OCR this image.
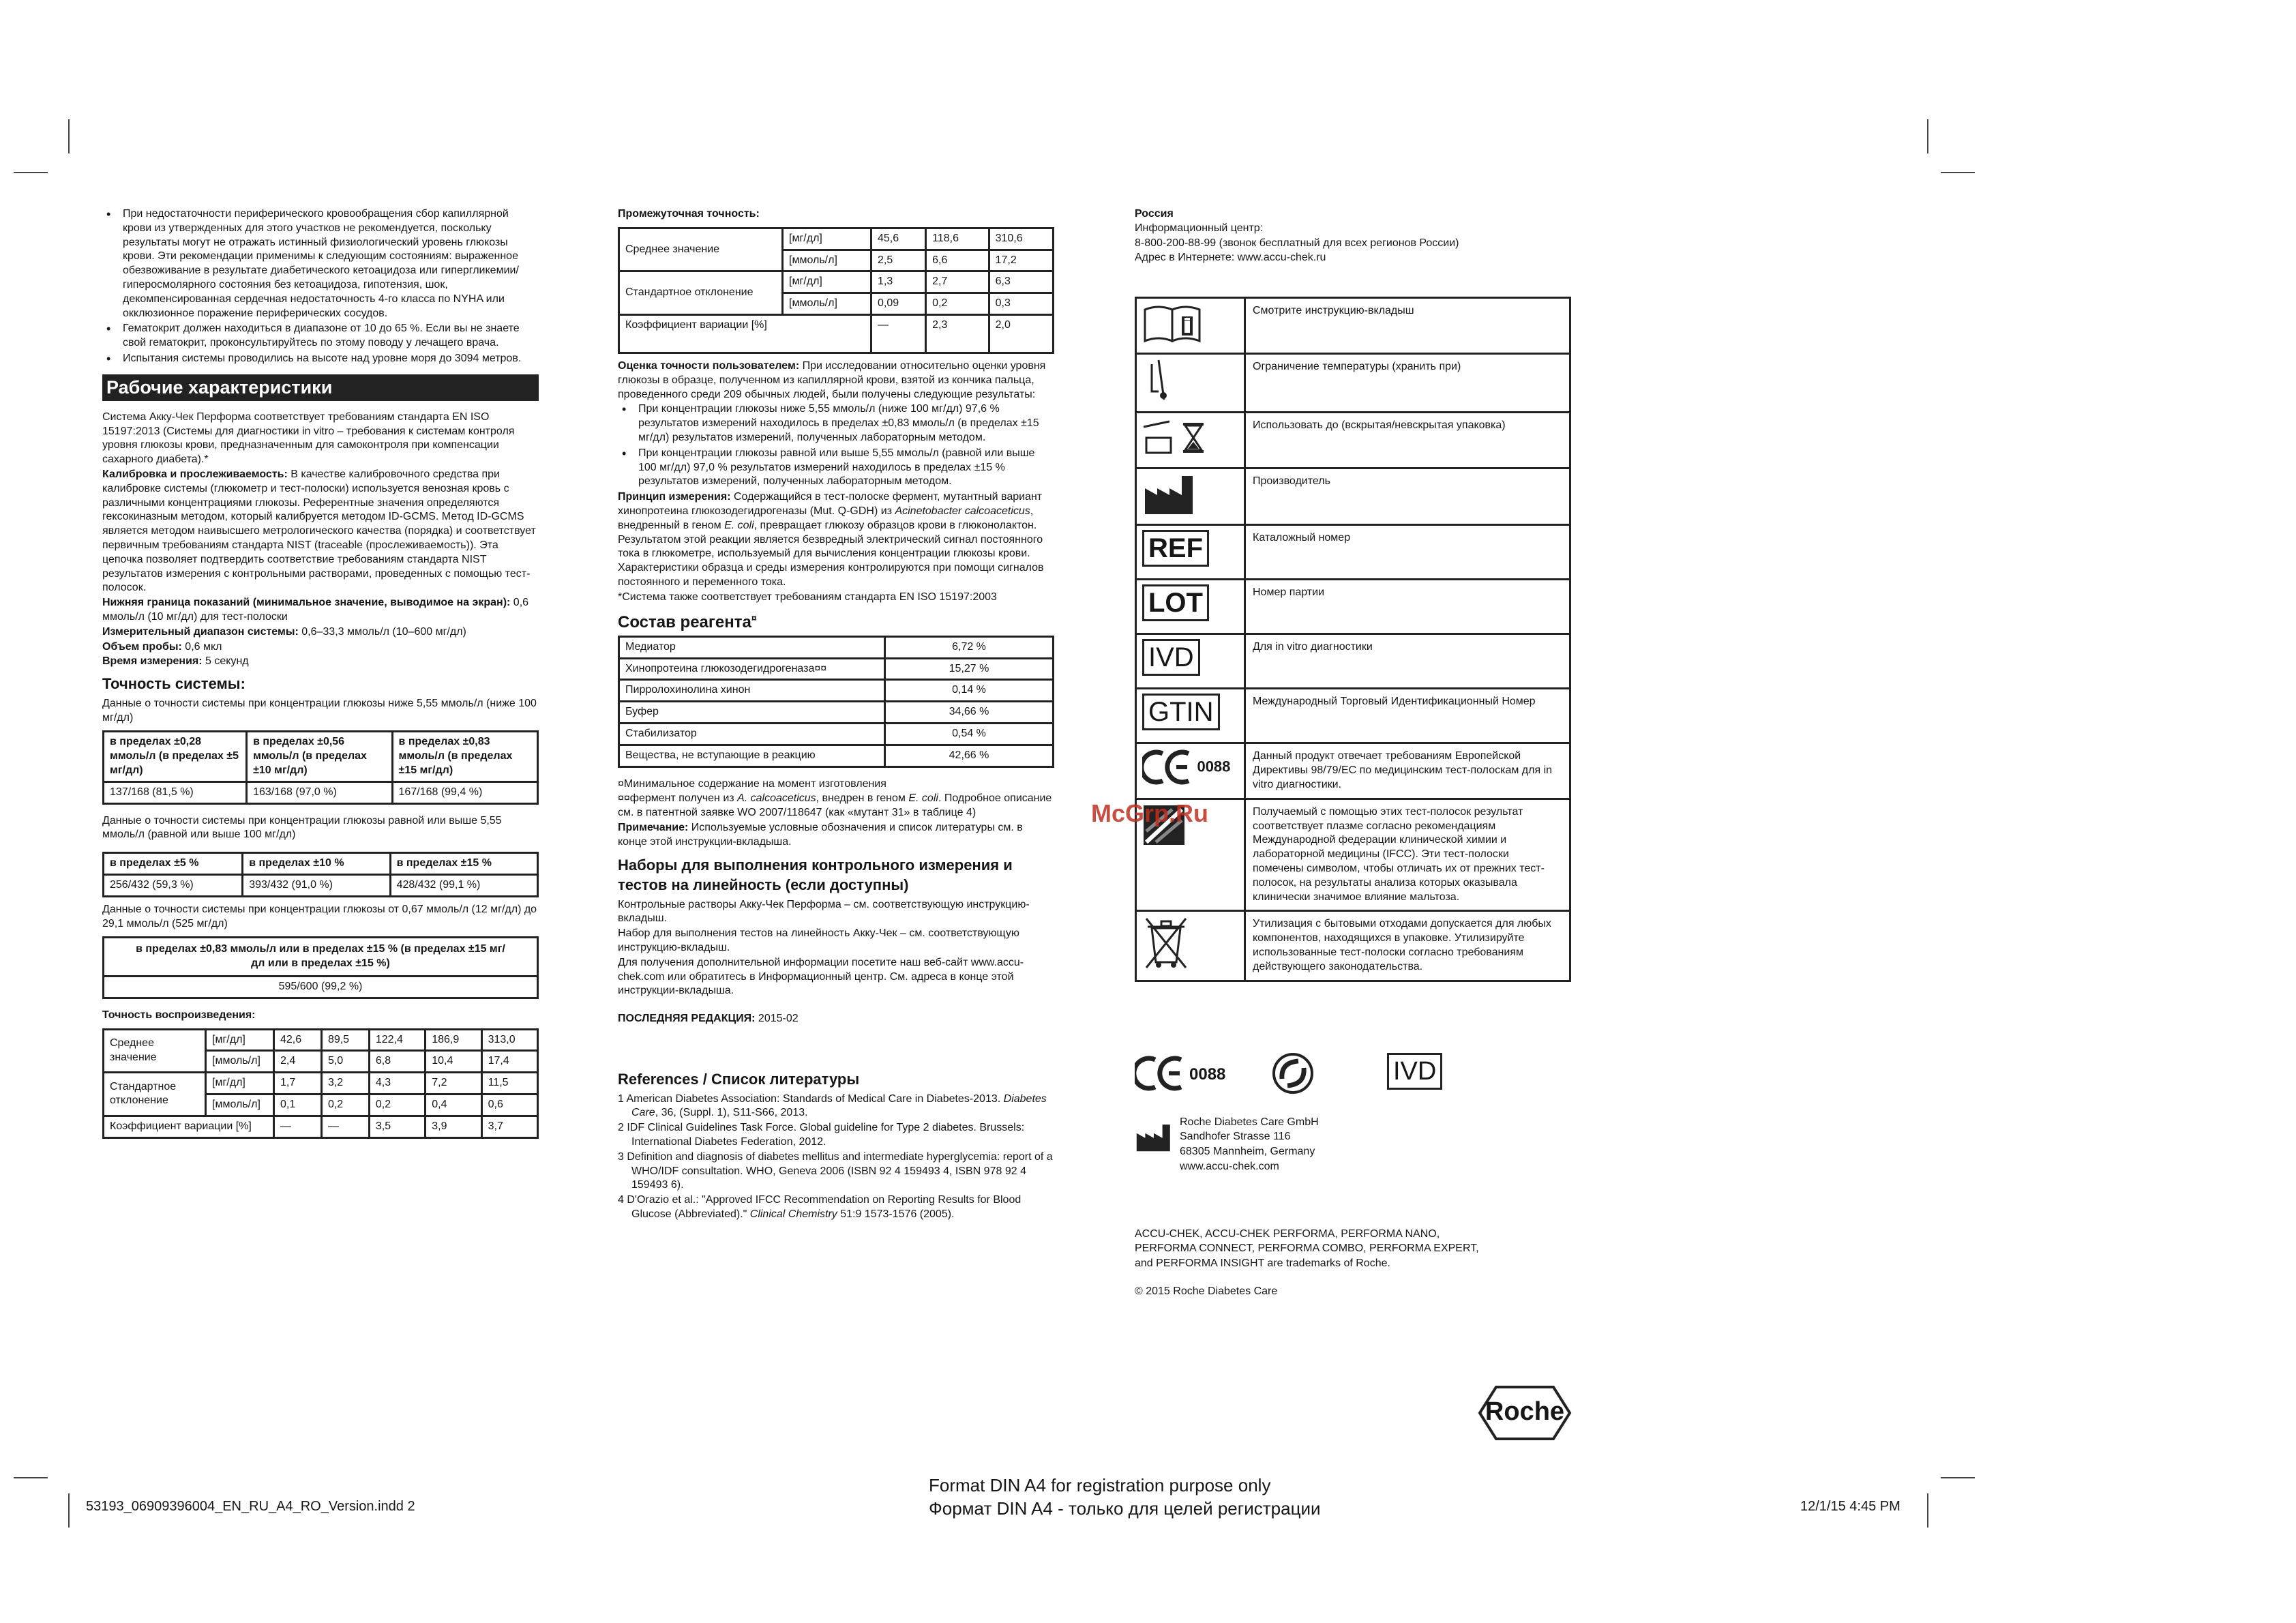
• При недостаточности периферического кровообращения сбор капиллярной крови из утвержденных для этого участков не рекомендуется, поскольку результаты могут не отражать истинный физиологический уровень глюкозы крови. Эти рекомендации применимы к следующим состояниям: выраженное обезвоживание в результате диабетического кетоацидоза или гипергликемии/гиперосмолярного состояния без кетоацидоза, гипотензия, шок, декомпенсированная сердечная недостаточность 4-го класса по NYHA или окклюзионное поражение периферических сосудов.
• Гематокрит должен находиться в диапазоне от 10 до 65 %. Если вы не знаете свой гематокрит, проконсультируйтесь по этому поводу у лечащего врача.
• Испытания системы проводились на высоте над уровне моря до 3094 метров.
Рабочие характеристики

Система Акку-Чек Перформа соответствует требованиям стандарта EN ISO 15197:2013 (Системы для диагностики in vitro – требования к системам контроля уровня глюкозы крови, предназначенным для самоконтроля при компенсации сахарного диабета).*

Калибровка и прослеживаемость: В качестве калибровочного средства при калибровке системы (глюкометр и тест-полоски) используется венозная кровь с различными концентрациями глюкозы. Референтные значения определяются гексокиназным методом, который калибруется методом ID-GCMS. Метод ID-GCMS является методом наивысшего метрологического качества (порядка) и соответствует первичным требованиям стандарта NIST (traceable (прослеживаемость)). Эта цепочка позволяет подтвердить соответствие требованиям стандарта NIST результатов измерения с контрольными растворами, проведенных с помощью тест-полосок.

Нижняя граница показаний (минимальное значение, выводимое на экран): 0,6 ммоль/л (10 мг/дл) для тест-полоски

Измерительный диапазон системы: 0,6–33,3 ммоль/л (10–600 мг/дл)

Объем пробы: 0,6 мкл

Время измерения: 5 секунд

Точность системы:

Данные о точности системы при концентрации глюкозы ниже 5,55 ммоль/л (ниже 100 мг/дл)

в пределах ±0,28 ммоль/л (в пределах ±5 мг/дл)	в пределах ±0,56 ммоль/л (в пределах ±10 мг/дл)	в пределах ±0,83 ммоль/л (в пределах ±15 мг/дл)
137/168 (81,5 %)	163/168 (97,0 %)	167/168 (99,4 %)

Данные о точности системы при концентрации глюкозы равной или выше 5,55 ммоль/л (равной или выше 100 мг/дл)

в пределах ±5 %	в пределах ±10 %	в пределах ±15 %
256/432 (59,3 %)	393/432 (91,0 %)	428/432 (99,1 %)

Данные о точности системы при концентрации глюкозы от 0,67 ммоль/л (12 мг/дл) до 29,1 ммоль/л (525 мг/дл)

в пределах ±0,83 ммоль/л или в пределах ±15 % (в пределах ±15 мг/дл или в пределах ±15 %)
595/600 (99,2 %)
Точность воспроизведения:
Среднее значение	[мг/дл]	42,6	89,5	122,4	186,9	313,0
	[ммоль/л]	2,4	5,0	6,8	10,4	17,4
Стандартное отклонение	[мг/дл]	1,7	3,2	4,3	7,2	11,5
	[ммоль/л]	0,1	0,2	0,2	0,4	0,6
Коэффициент вариации [%]		—	—	3,5	3,9	3,7
Промежуточная точность:
Среднее значение	[мг/дл]	45,6	118,6	310,6
	[ммоль/л]	2,5	6,6	17,2
Стандартное отклонение	[мг/дл]	1,3	2,7	6,3
	[ммоль/л]	0,09	0,2	0,3
Коэффициент вариации [%]		—	2,3	2,0

Оценка точности пользователем: При исследовании относительно оценки уровня глюкозы в образце, полученном из капиллярной крови, взятой из кончика пальца, проведенного среди 209 обычных людей, были получены следующие результаты:

• При концентрации глюкозы ниже 5,55 ммоль/л (ниже 100 мг/дл) 97,6 % результатов измерений находилось в пределах ±0,83 ммоль/л (в пределах ±15 мг/дл) результатов измерений, полученных лабораторным методом.
• При концентрации глюкозы равной или выше 5,55 ммоль/л (равной или выше 100 мг/дл) 97,0 % результатов измерений находилось в пределах ±15 % результатов измерений, полученных лабораторным методом.

Принцип измерения: Содержащийся в тест-полоске фермент, мутантный вариант хинопротеина глюкозодегидрогеназы (Mut. Q-GDH) из Acinetobacter calcoaceticus, внедренный в геном E. coli, превращает глюкозу образцов крови в глюконолактон. Результатом этой реакции является безвредный электрический сигнал постоянного тока в глюкометре, используемый для вычисления концентрации глюкозы крови. Характеристики образца и среды измерения контролируются при помощи сигналов постоянного и переменного тока.

*Система также соответствует требованиям стандарта EN ISO 15197:2003

Состав реагента¤
Медиатор	6,72 %
Хинопротеина глюкозодегидрогеназа¤¤	15,27 %
Пирролохинолина хинон	0,14 %
Буфер	34,66 %
Стабилизатор	0,54 %
Вещества, не вступающие в реакцию	42,66 %

¤Минимальное содержание на момент изготовления

¤¤фермент получен из A. calcoaceticus, внедрен в геном E. coli. Подробное описание см. в патентной заявке WO 2007/118647 (как «мутант 31» в таблице 4)

Примечание: Используемые условные обозначения и список литературы см. в конце этой инструкции-вкладыша.

Наборы для выполнения контрольного измерения и тестов на линейность (если доступны)

Контрольные растворы Акку-Чек Перформа – см. соответствующую инструкцию-вкладыш.

Набор для выполнения тестов на линейность Акку-Чек – см. соответствующую инструкцию-вкладыш.

Для получения дополнительной информации посетите наш веб-сайт www.accu-chek.com или обратитесь в Информационный центр. См. адреса в конце этой инструкции-вкладыша.

ПОСЛЕДНЯЯ РЕДАКЦИЯ: 2015-02

References / Список литературы

1 American Diabetes Association: Standards of Medical Care in Diabetes-2013. Diabetes Care, 36, (Suppl. 1), S11-S66, 2013.

2 IDF Clinical Guidelines Task Force. Global guideline for Type 2 diabetes. Brussels: International Diabetes Federation, 2012.

3 Definition and diagnosis of diabetes mellitus and intermediate hyperglycemia: report of a WHO/IDF consultation. WHO, Geneva 2006 (ISBN 92 4 159493 4, ISBN 978 92 4 159493 6).

4 D'Orazio et al.: "Approved IFCC Recommendation on Reporting Results for Blood Glucose (Abbreviated)." Clinical Chemistry 51:9 1573-1576 (2005).

Россия

Информационный центр:

8-800-200-88-99 (звонок бесплатный для всех регионов России)

Адрес в Интернете: www.accu-chek.ru

	Смотрите инструкцию-вкладыш
	Ограничение температуры (хранить при)
	Использовать до (вскрытая/невскрытая упаковка)
	Производитель
REF	Каталожный номер
LOT	Номер партии
IVD	Для in vitro диагностики
GTIN	Международный Торговый Идентификационный Номер
0088	Данный продукт отвечает требованиям Европейской Директивы 98/79/ЕС по медицинским тест-полоскам для in vitro диагностики.
	Получаемый с помощью этих тест-полосок результат соответствует плазме согласно рекомендациям Международной федерации клинической химии и лабораторной медицины (IFCC). Эти тест-полоски помечены символом, чтобы отличать их от прежних тест-полосок, на результаты анализа которых оказывала клинически значимое влияние мальтоза.
	Утилизация с бытовыми отходами допускается для любых компонентов, находящихся в упаковке. Утилизируйте использованные тест-полоски согласно требованиям действующего законодательства.
0088	IVD

Roche Diabetes Care GmbH

Sandhofer Strasse 116

68305 Mannheim, Germany

www.accu-chek.com

ACCU-CHEK, ACCU-CHEK PERFORMA, PERFORMA NANO,

PERFORMA CONNECT, PERFORMA COMBO, PERFORMA EXPERT,

and PERFORMA INSIGHT are trademarks of Roche.

© 2015 Roche Diabetes Care

Roche
McGrp.Ru
53193_06909396004_EN_RU_A4_RO_Version.indd 2
Format DIN A4 for registration purpose only
Формат DIN A4 - только для целей регистрации	12/1/15 4:45 PM
